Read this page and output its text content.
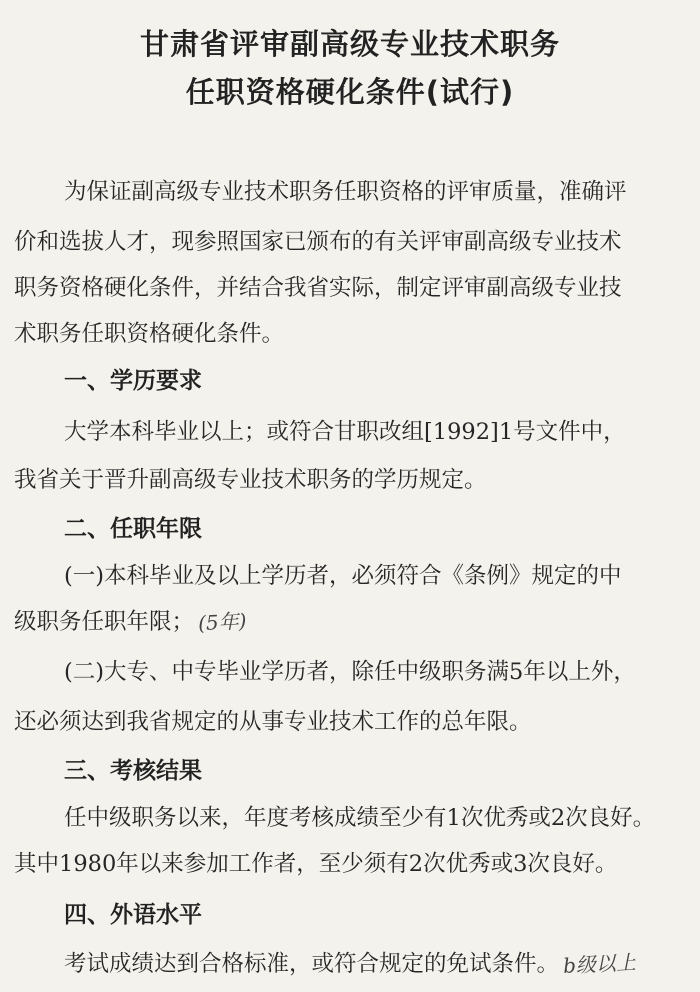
甘肃省评审副高级专业技术职务
任职资格硬化条件(试行)
为保证副高级专业技术职务任职资格的评审质量，准确评
价和选拔人才，现参照国家已颁布的有关评审副高级专业技术
职务资格硬化条件，并结合我省实际，制定评审副高级专业技
术职务任职资格硬化条件。
一、学历要求
大学本科毕业以上；或符合甘职改组[1992]1号文件中，
我省关于晋升副高级专业技术职务的学历规定。
二、任职年限
(一)本科毕业及以上学历者，必须符合《条例》规定的中
级职务任职年限； (5年)
(二)大专、中专毕业学历者，除任中级职务满5年以上外，
还必须达到我省规定的从事专业技术工作的总年限。
三、考核结果
任中级职务以来，年度考核成绩至少有1次优秀或2次良好。
其中1980年以来参加工作者，至少须有2次优秀或3次良好。
四、外语水平
考试成绩达到合格标准，或符合规定的免试条件。 b级以上
